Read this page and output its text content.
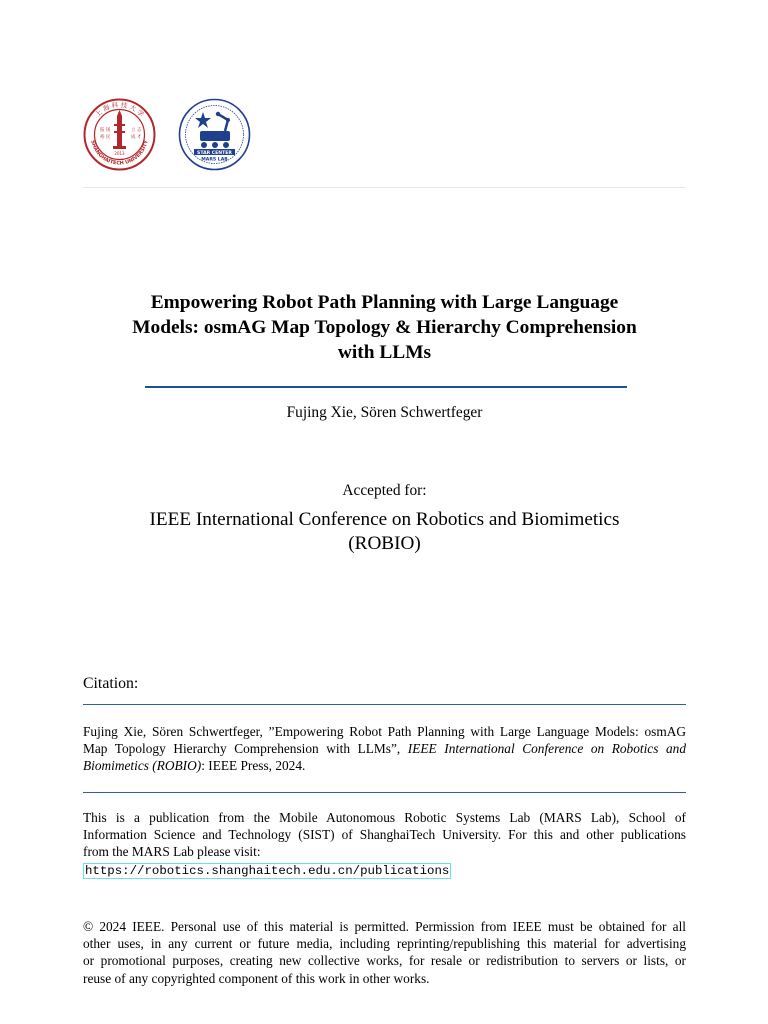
上 海 科 技 大 学
SHANGHAITECH UNIVERSITY
立 志
成 才
报 国
裕 民
2013	STAR CENTER
MARS LAB
Empowering Robot Path Planning with Large Language
Models: osmAG Map Topology & Hierarchy Comprehension
with LLMs
Fujing Xie, Sören Schwertfeger
Accepted for:
IEEE International Conference on Robotics and Biomimetics
(ROBIO)
Citation:
Fujing Xie, Sören Schwertfeger, ”Empowering Robot Path Planning with Large Language Models: osmAG
Map Topology Hierarchy Comprehension with LLMs”, IEEE International Conference on Robotics and
Biomimetics (ROBIO): IEEE Press, 2024.
This is a publication from the Mobile Autonomous Robotic Systems Lab (MARS Lab), School of
Information Science and Technology (SIST) of ShanghaiTech University. For this and other publications
from the MARS Lab please visit:
https://robotics.shanghaitech.edu.cn/publications
© 2024 IEEE. Personal use of this material is permitted. Permission from IEEE must be obtained for all
other uses, in any current or future media, including reprinting/republishing this material for advertising
or promotional purposes, creating new collective works, for resale or redistribution to servers or lists, or
reuse of any copyrighted component of this work in other works.
